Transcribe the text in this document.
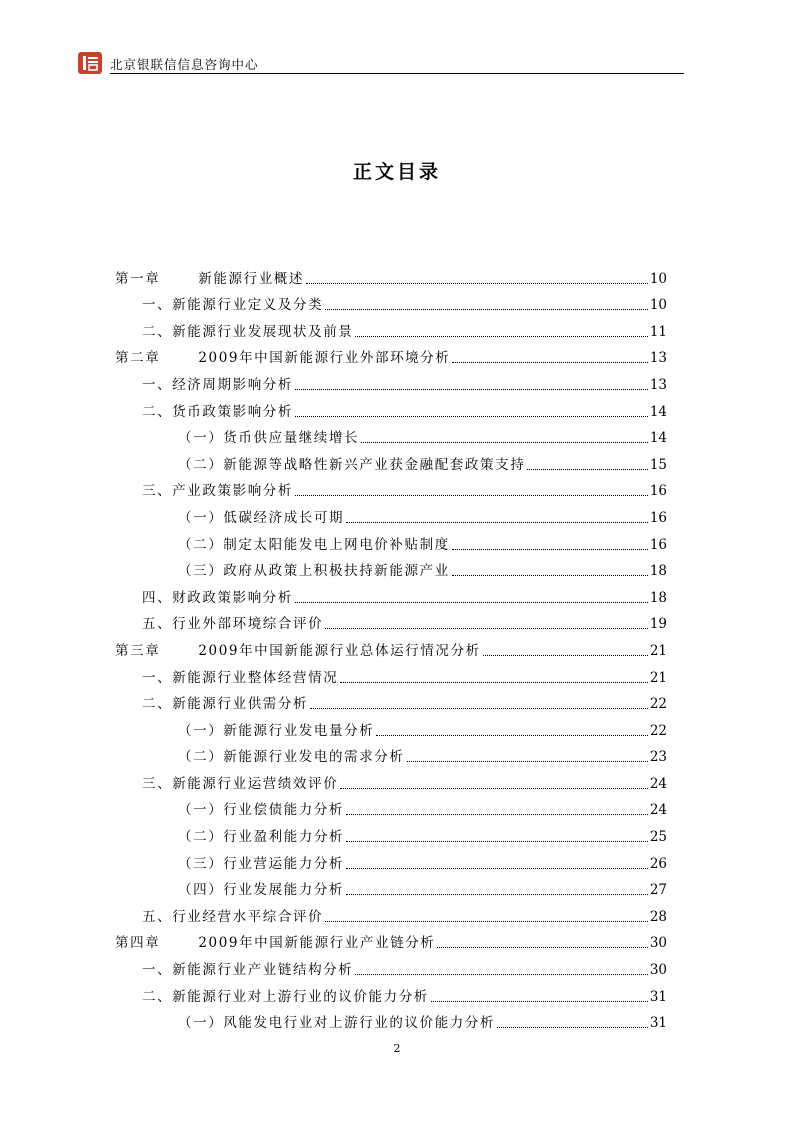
北京银联信信息咨询中心
正文目录
第一章	新能源行业概述	10
一、新能源行业定义及分类	10
二、新能源行业发展现状及前景	11
第二章	2009年中国新能源行业外部环境分析	13
一、经济周期影响分析	13
二、货币政策影响分析	14
（一）货币供应量继续增长	14
（二）新能源等战略性新兴产业获金融配套政策支持	15
三、产业政策影响分析	16
（一）低碳经济成长可期	16
（二）制定太阳能发电上网电价补贴制度	16
（三）政府从政策上积极扶持新能源产业	18
四、财政政策影响分析	18
五、行业外部环境综合评价	19
第三章	2009年中国新能源行业总体运行情况分析	21
一、新能源行业整体经营情况	21
二、新能源行业供需分析	22
（一）新能源行业发电量分析	22
（二）新能源行业发电的需求分析	23
三、新能源行业运营绩效评价	24
（一）行业偿债能力分析	24
（二）行业盈利能力分析	25
（三）行业营运能力分析	26
（四）行业发展能力分析	27
五、行业经营水平综合评价	28
第四章	2009年中国新能源行业产业链分析	30
一、新能源行业产业链结构分析	30
二、新能源行业对上游行业的议价能力分析	31
（一）风能发电行业对上游行业的议价能力分析	31
2
